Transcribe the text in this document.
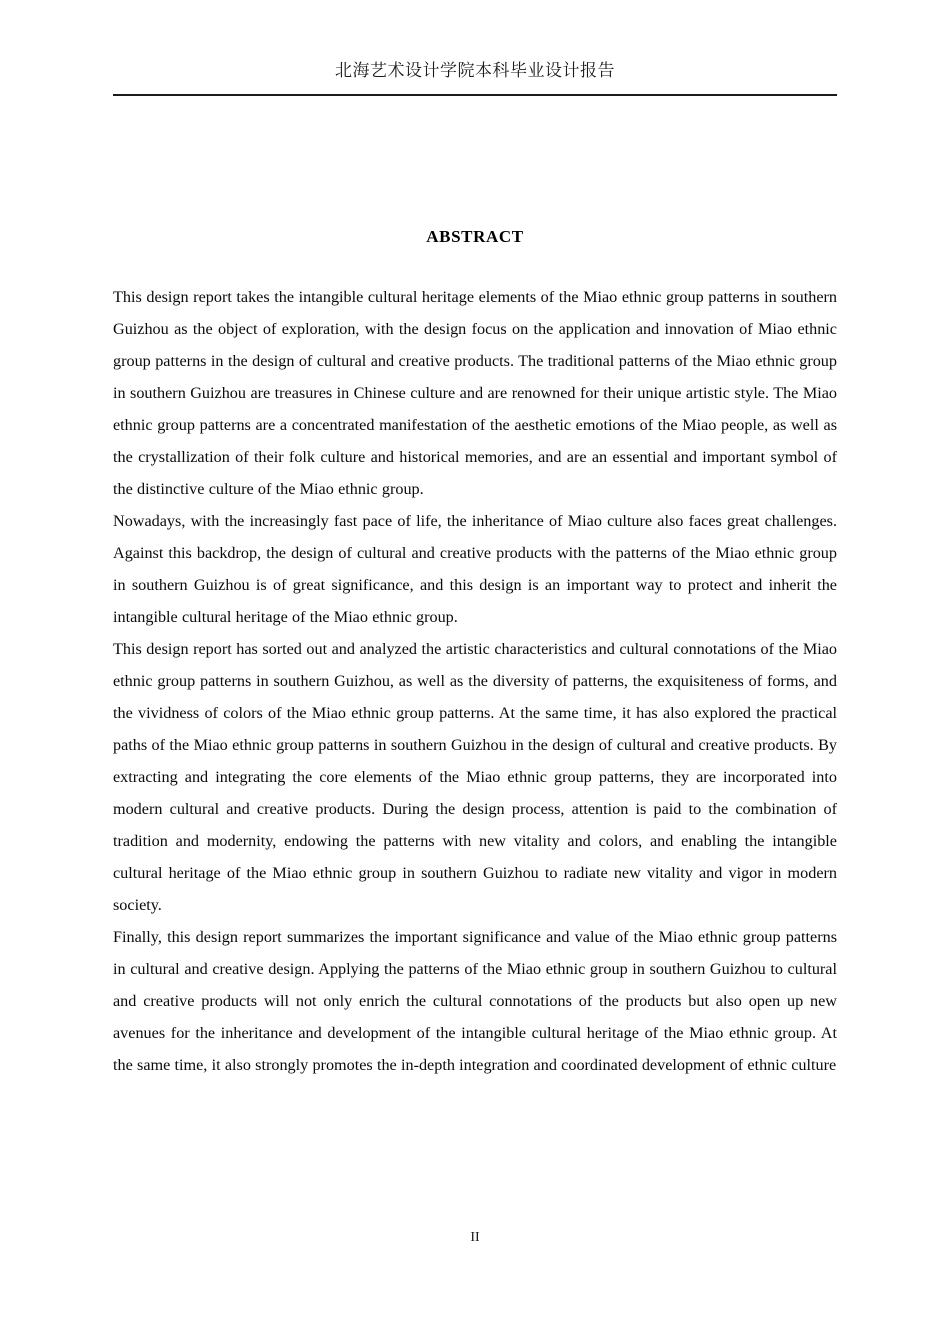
北海艺术设计学院本科毕业设计报告
ABSTRACT

This design report takes the intangible cultural heritage elements of the Miao ethnic group patterns in southern Guizhou as the object of exploration, with the design focus on the application and innovation of Miao ethnic group patterns in the design of cultural and creative products. The traditional patterns of the Miao ethnic group in southern Guizhou are treasures in Chinese culture and are renowned for their unique artistic style. The Miao ethnic group patterns are a concentrated manifestation of the aesthetic emotions of the Miao people, as well as the crystallization of their folk culture and historical memories, and are an essential and important symbol of the distinctive culture of the Miao ethnic group.

Nowadays, with the increasingly fast pace of life, the inheritance of Miao culture also faces great challenges. Against this backdrop, the design of cultural and creative products with the patterns of the Miao ethnic group in southern Guizhou is of great significance, and this design is an important way to protect and inherit the intangible cultural heritage of the Miao ethnic group.

This design report has sorted out and analyzed the artistic characteristics and cultural connotations of the Miao ethnic group patterns in southern Guizhou, as well as the diversity of patterns, the exquisiteness of forms, and the vividness of colors of the Miao ethnic group patterns. At the same time, it has also explored the practical paths of the Miao ethnic group patterns in southern Guizhou in the design of cultural and creative products. By extracting and integrating the core elements of the Miao ethnic group patterns, they are incorporated into modern cultural and creative products. During the design process, attention is paid to the combination of tradition and modernity, endowing the patterns with new vitality and colors, and enabling the intangible cultural heritage of the Miao ethnic group in southern Guizhou to radiate new vitality and vigor in modern society.

Finally, this design report summarizes the important significance and value of the Miao ethnic group patterns in cultural and creative design. Applying the patterns of the Miao ethnic group in southern Guizhou to cultural and creative products will not only enrich the cultural connotations of the products but also open up new avenues for the inheritance and development of the intangible cultural heritage of the Miao ethnic group. At the same time, it also strongly promotes the in-depth integration and coordinated development of ethnic culture

II
